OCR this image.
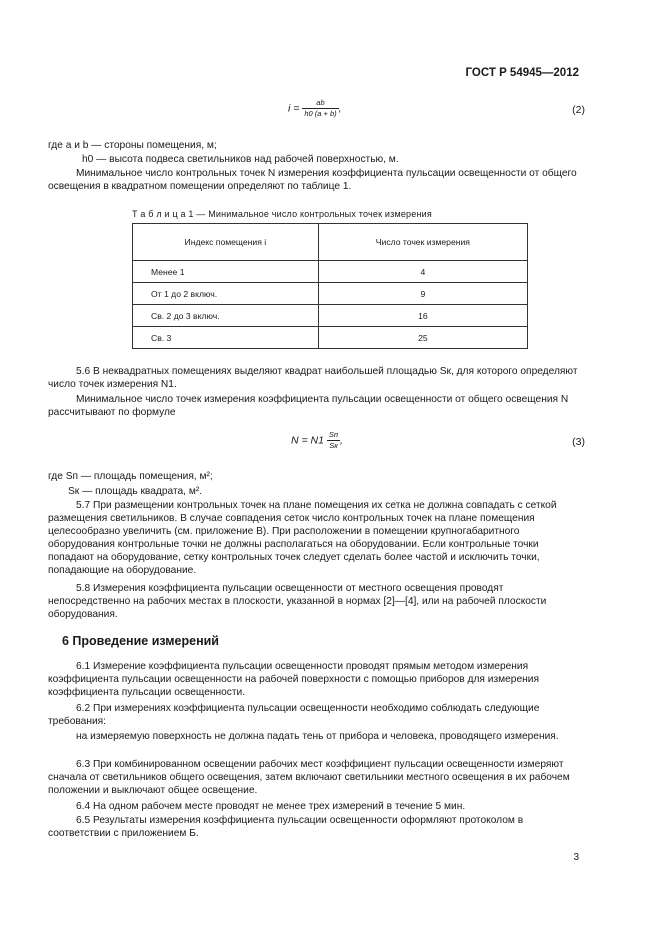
ГОСТ Р 54945—2012
$i = \frac{ab}{h0 (a + b)}$ ,	(2)
где a и b — стороны помещения, м;
h0 — высота подвеса светильников над рабочей поверхностью, м.
Минимальное число контрольных точек N измерения коэффициента пульсации освещенности от общего освещения в квадратном помещении определяют по таблице 1.
Т а б л и ц а 1 — Минимальное число контрольных точек измерения
Индекс помещения i	Число точек измерения
Менее 1	4
От 1 до 2 включ.	9
Св. 2 до 3 включ.	16
Св. 3	25
5.6 В неквадратных помещениях выделяют квадрат наибольшей площадью Sк, для которого определяют число точек измерения N1.
Минимальное число точек измерения коэффициента пульсации освещенности от общего освещения N рассчитывают по формуле
$N = N1 \frac{Sп}{Sк}$ ,	(3)
где Sп — площадь помещения, м²;
Sк — площадь квадрата, м².
5.7 При размещении контрольных точек на плане помещения их сетка не должна совпадать с сеткой размещения светильников. В случае совпадения сеток число контрольных точек на плане помещения целесообразно увеличить (см. приложение В). При расположении в помещении крупногабаритного оборудования контрольные точки не должны располагаться на оборудовании. Если контрольные точки попадают на оборудование, сетку контрольных точек следует сделать более частой и исключить точки, попадающие на оборудование.
5.8 Измерения коэффициента пульсации освещенности от местного освещения проводят непосредственно на рабочих местах в плоскости, указанной в нормах [2]—[4], или на рабочей плоскости оборудования.
6 Проведение измерений
6.1 Измерение коэффициента пульсации освещенности проводят прямым методом измерения коэффициента пульсации освещенности на рабочей поверхности с помощью приборов для измерения коэффициента пульсации освещенности.
6.2 При измерениях коэффициента пульсации освещенности необходимо соблюдать следующие требования:
на измеряемую поверхность не должна падать тень от прибора и человека, проводящего измерения.
6.3 При комбинированном освещении рабочих мест коэффициент пульсации освещенности измеряют сначала от светильников общего освещения, затем включают светильники местного освещения в их рабочем положении и выключают общее освещение.
6.4 На одном рабочем месте проводят не менее трех измерений в течение 5 мин.
6.5 Результаты измерения коэффициента пульсации освещенности оформляют протоколом в соответствии с приложением Б.
3
